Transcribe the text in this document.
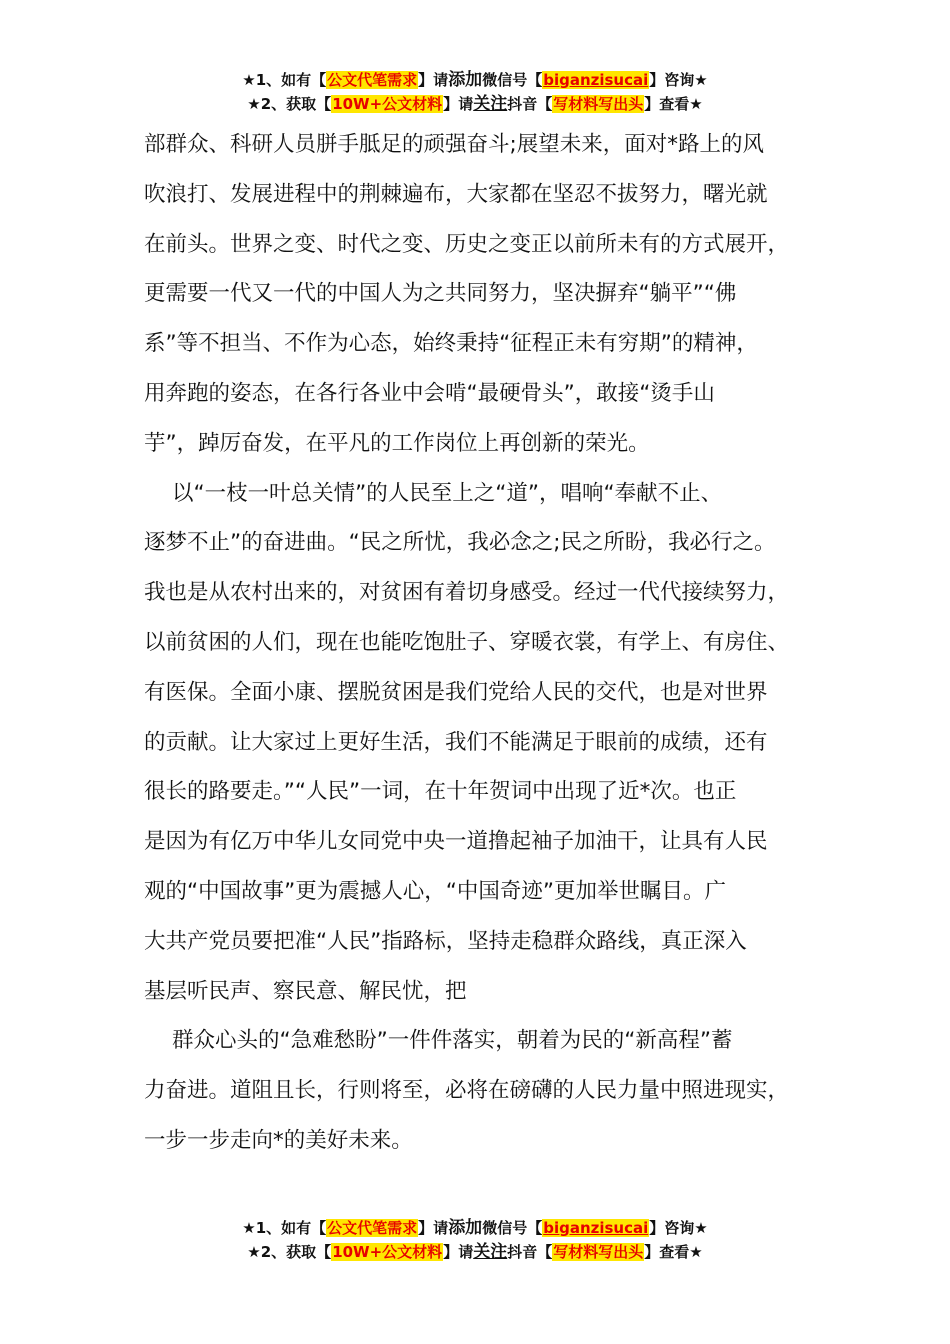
★1、如有【公文代笔需求】请添加微信号【biganzisucai】咨询★
★2、获取【10W+公文材料】请关注抖音【写材料写出头】查看★

部群众、科研人员胼手胝足的顽强奋斗;展望未来，面对*路上的风

吹浪打、发展进程中的荆棘遍布，大家都在坚忍不拔努力，曙光就

在前头。世界之变、时代之变、历史之变正以前所未有的方式展开，

更需要一代又一代的中国人为之共同努力，坚决摒弃“躺平”“佛

系”等不担当、不作为心态，始终秉持“征程正未有穷期”的精神，

用奔跑的姿态，在各行各业中会啃“最硬骨头”，敢接“烫手山

芋”，踔厉奋发，在平凡的工作岗位上再创新的荣光。

以“一枝一叶总关情”的人民至上之“道”，唱响“奉献不止、

逐梦不止”的奋进曲。“民之所忧，我必念之;民之所盼，我必行之。

我也是从农村出来的，对贫困有着切身感受。经过一代代接续努力，

以前贫困的人们，现在也能吃饱肚子、穿暖衣裳，有学上、有房住、

有医保。全面小康、摆脱贫困是我们党给人民的交代，也是对世界

的贡献。让大家过上更好生活，我们不能满足于眼前的成绩，还有

很长的路要走。”“人民”一词，在十年贺词中出现了近*次。也正

是因为有亿万中华儿女同党中央一道撸起袖子加油干，让具有人民

观的“中国故事”更为震撼人心，“中国奇迹”更加举世瞩目。广

大共产党员要把准“人民”指路标，坚持走稳群众路线，真正深入

基层听民声、察民意、解民忧，把

群众心头的“急难愁盼”一件件落实，朝着为民的“新高程”蓄

力奋进。道阻且长，行则将至，必将在磅礴的人民力量中照进现实，

一步一步走向*的美好未来。

★1、如有【公文代笔需求】请添加微信号【biganzisucai】咨询★
★2、获取【10W+公文材料】请关注抖音【写材料写出头】查看★
